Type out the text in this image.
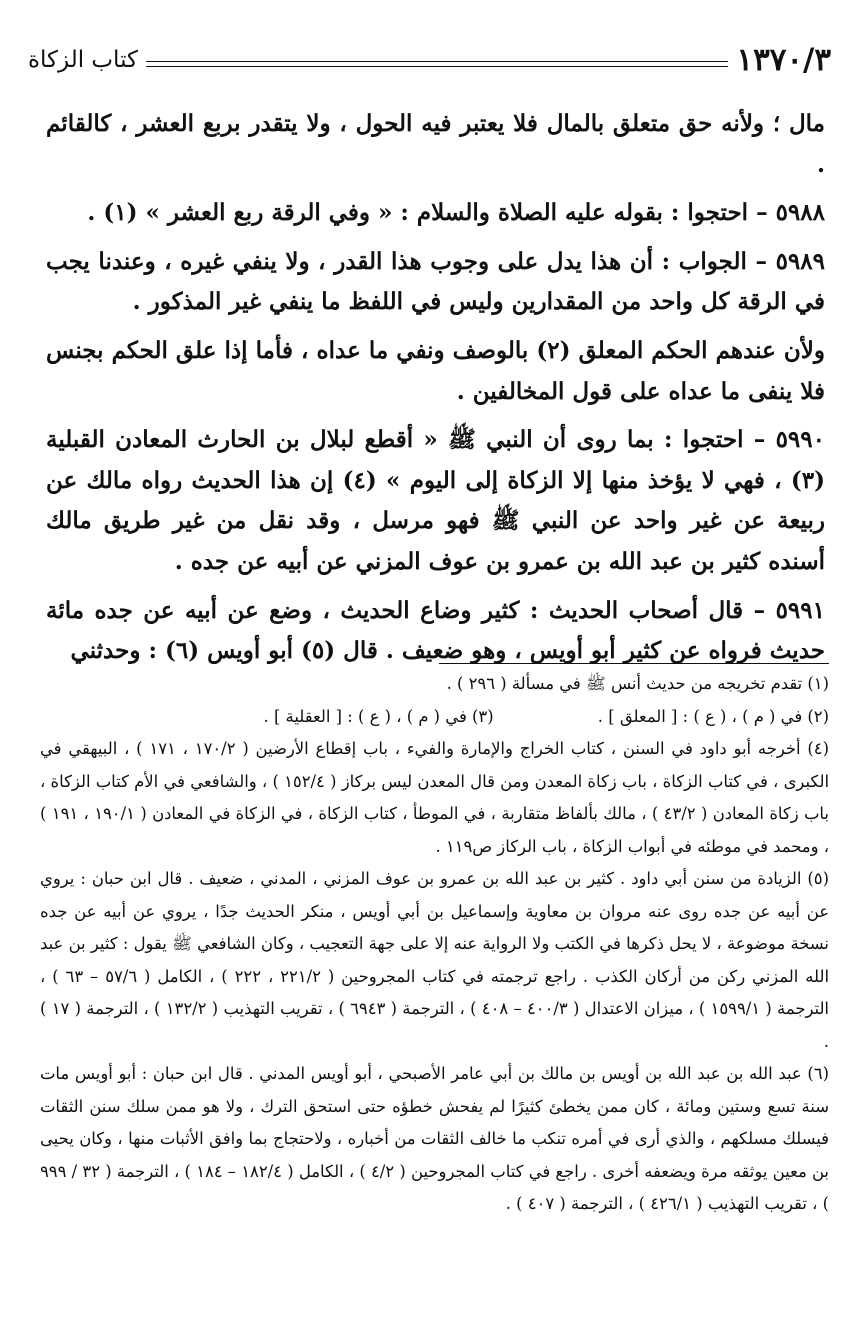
١٣٧٠/٣
كتاب الزكاة

مال ؛ ولأنه حق متعلق بالمال فلا يعتبر فيه الحول ، ولا يتقدر بربع العشر ، كالقائم .

٥٩٨٨ – احتجوا : بقوله عليه الصلاة والسلام : « وفي الرقة ربع العشر » (١) .

٥٩٨٩ – الجواب : أن هذا يدل على وجوب هذا القدر ، ولا ينفي غيره ، وعندنا يجب في الرقة كل واحد من المقدارين وليس في اللفظ ما ينفي غير المذكور .

ولأن عندهم الحكم المعلق (٢) بالوصف ونفي ما عداه ، فأما إذا علق الحكم بجنس فلا ينفى ما عداه على قول المخالفين .

٥٩٩٠ – احتجوا : بما روى أن النبي ﷺ « أقطع لبلال بن الحارث المعادن القبلية (٣) ، فهي لا يؤخذ منها إلا الزكاة إلى اليوم » (٤) إن هذا الحديث رواه مالك عن ربيعة عن غير واحد عن النبي ﷺ فهو مرسل ، وقد نقل من غير طريق مالك أسنده كثير بن عبد الله بن عمرو بن عوف المزني عن أبيه عن جده .

٥٩٩١ – قال أصحاب الحديث : كثير وضاع الحديث ، وضع عن أبيه عن جده مائة حديث فرواه عن كثير أبو أويس ، وهو ضعيف . قال (٥) أبو أويس (٦) : وحدثني

(١) تقدم تخريجه من حديث أنس ﷺ في مسألة ( ٢٩٦ ) .

(٢) في ( م ) ، ( ع ) : [ المعلق ] .                    (٣) في ( م ) ، ( ع ) : [ العقلية ] .

(٤) أخرجه أبو داود في السنن ، كتاب الخراج والإمارة والفيء ، باب إقطاع الأرضين ( ١٧٠/٢ ، ١٧١ ) ، البيهقي في الكبرى ، في كتاب الزكاة ، باب زكاة المعدن ومن قال المعدن ليس بركاز ( ١٥٢/٤ ) ، والشافعي في الأم كتاب الزكاة ، باب زكاة المعادن ( ٤٣/٢ ) ، مالك بألفاظ متقاربة ، في الموطأ ، كتاب الزكاة ، في الزكاة في المعادن ( ١٩٠/١ ، ١٩١ ) ، ومحمد في موطئه في أبواب الزكاة ، باب الركاز ص١١٩ .

(٥) الزيادة من سنن أبي داود . كثير بن عبد الله بن عمرو بن عوف المزني ، المدني ، ضعيف . قال ابن حبان : يروي عن أبيه عن جده روى عنه مروان بن معاوية وإسماعيل بن أبي أويس ، منكر الحديث جدًا ، يروي عن أبيه عن جده نسخة موضوعة ، لا يحل ذكرها في الكتب ولا الرواية عنه إلا على جهة التعجيب ، وكان الشافعي ﷺ يقول : كثير بن عبد الله المزني ركن من أركان الكذب . راجع ترجمته في كتاب المجروحين ( ٢٢١/٢ ، ٢٢٢ ) ، الكامل ( ٥٧/٦ – ٦٣ ) ، الترجمة ( ١٥٩٩/١ ) ، ميزان الاعتدال ( ٤٠٠/٣ – ٤٠٨ ) ، الترجمة ( ٦٩٤٣ ) ، تقريب التهذيب ( ١٣٢/٢ ) ، الترجمة ( ١٧ ) .

(٦) عبد الله بن عبد الله بن أويس بن مالك بن أبي عامر الأصبحي ، أبو أويس المدني . قال ابن حبان : أبو أويس مات سنة تسع وستين ومائة ، كان ممن يخطئ كثيرًا لم يفحش خطؤه حتى استحق الترك ، ولا هو ممن سلك سنن الثقات فيسلك مسلكهم ، والذي أرى في أمره تنكب ما خالف الثقات من أخباره ، ولاحتجاج بما وافق الأثبات منها ، وكان يحيى بن معين يوثقه مرة ويضعفه أخرى . راجع في كتاب المجروحين ( ٤/٢ ) ، الكامل ( ١٨٢/٤ – ١٨٤ ) ، الترجمة ( ٣٢ / ٩٩٩ ) ، تقريب التهذيب ( ٤٢٦/١ ) ، الترجمة ( ٤٠٧ ) .
